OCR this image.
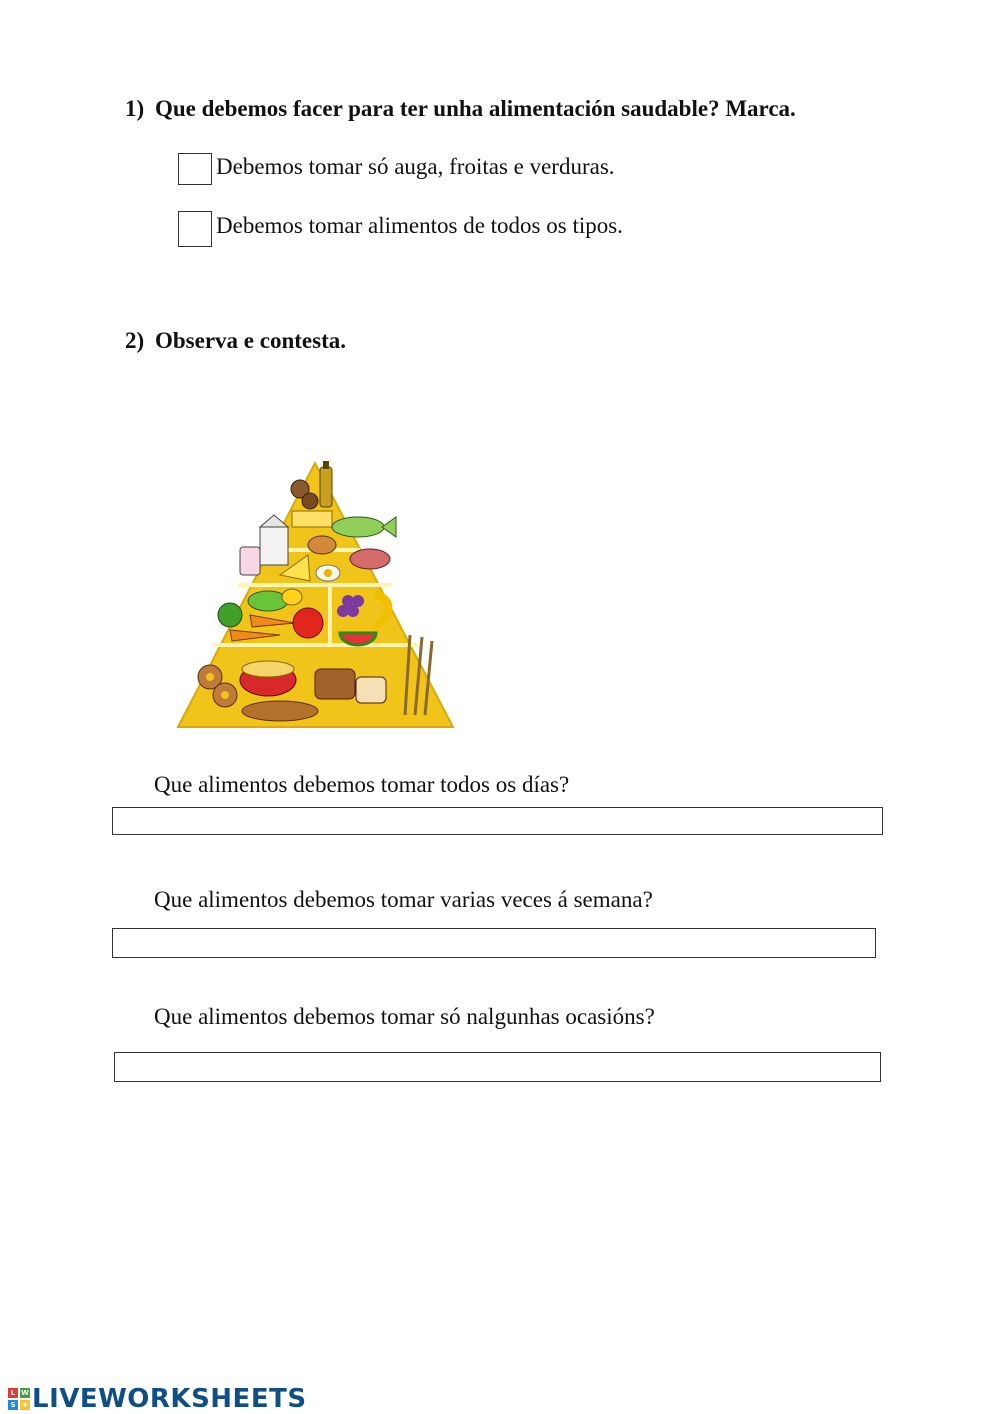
1) Que debemos facer para ter unha alimentación saudable? Marca.
Debemos tomar só auga, froitas e verduras.
Debemos tomar alimentos de todos os tipos.
2) Observa e contesta.
Que alimentos debemos tomar todos os días?
Que alimentos debemos tomar varias veces á semana?
Que alimentos debemos tomar só nalgunhas ocasións?
L W
S ★ LIVEWORKSHEETS
